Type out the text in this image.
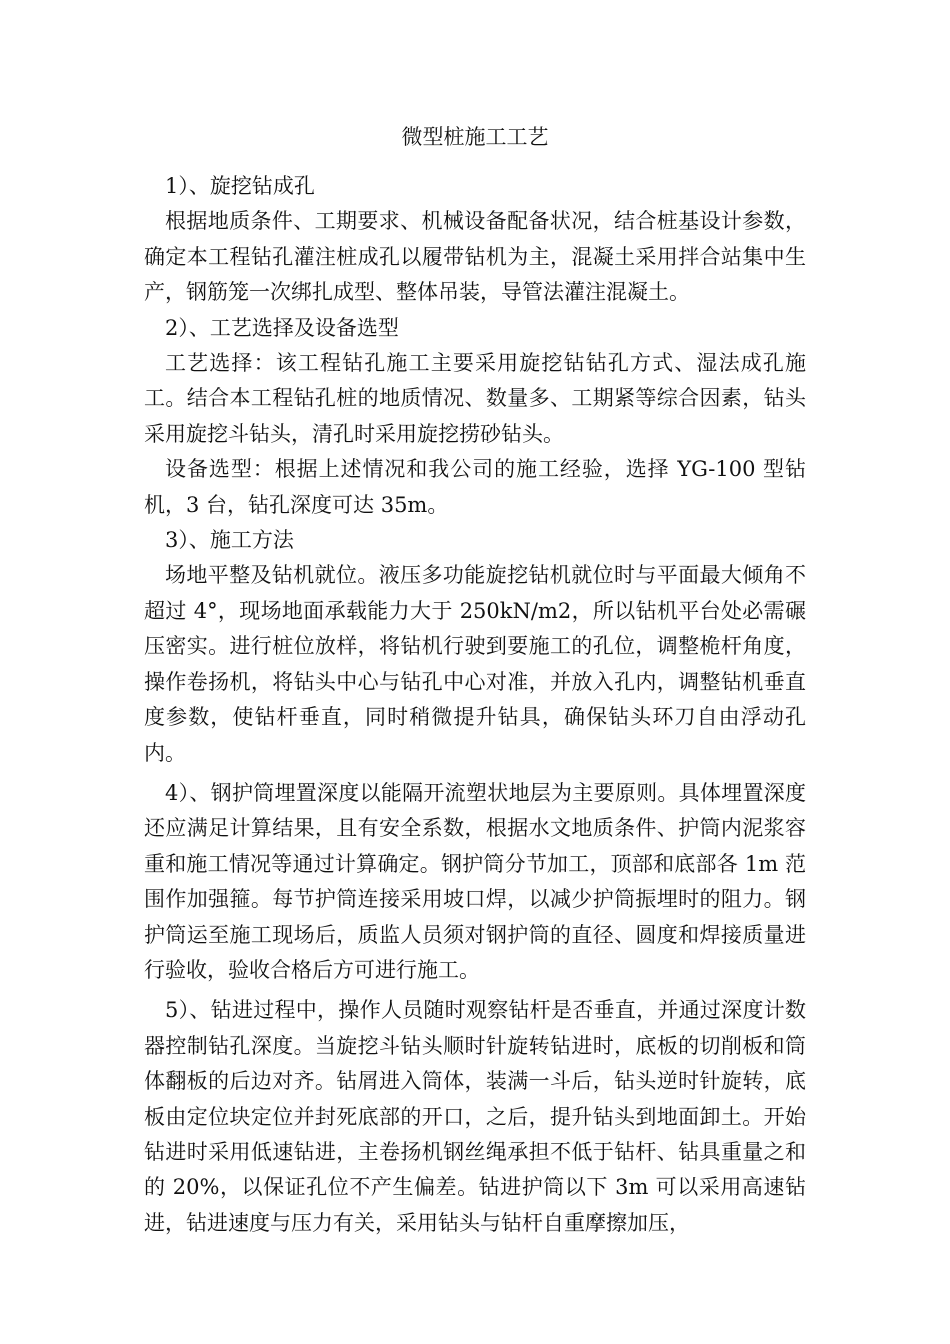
微型桩施工工艺

1）、旋挖钻成孔

根据地质条件、工期要求、机械设备配备状况，结合桩基设计参数，确定本工程钻孔灌注桩成孔以履带钻机为主，混凝土采用拌合站集中生产，钢筋笼一次绑扎成型、整体吊装，导管法灌注混凝土。

2）、工艺选择及设备选型

工艺选择：该工程钻孔施工主要采用旋挖钻钻孔方式、湿法成孔施工。结合本工程钻孔桩的地质情况、数量多、工期紧等综合因素，钻头采用旋挖斗钻头，清孔时采用旋挖捞砂钻头。

设备选型：根据上述情况和我公司的施工经验，选择 YG-100 型钻机，3 台，钻孔深度可达 35m。

3）、施工方法

场地平整及钻机就位。液压多功能旋挖钻机就位时与平面最大倾角不超过 4°，现场地面承载能力大于 250kN/m2，所以钻机平台处必需碾压密实。进行桩位放样，将钻机行驶到要施工的孔位，调整桅杆角度，操作卷扬机，将钻头中心与钻孔中心对准，并放入孔内，调整钻机垂直度参数，使钻杆垂直，同时稍微提升钻具，确保钻头环刀自由浮动孔内。

4）、钢护筒埋置深度以能隔开流塑状地层为主要原则。具体埋置深度还应满足计算结果，且有安全系数，根据水文地质条件、护筒内泥浆容重和施工情况等通过计算确定。钢护筒分节加工，顶部和底部各 1m 范围作加强箍。每节护筒连接采用坡口焊，以减少护筒振埋时的阻力。钢护筒运至施工现场后，质监人员须对钢护筒的直径、圆度和焊接质量进行验收，验收合格后方可进行施工。

5）、钻进过程中，操作人员随时观察钻杆是否垂直，并通过深度计数器控制钻孔深度。当旋挖斗钻头顺时针旋转钻进时，底板的切削板和筒体翻板的后边对齐。钻屑进入筒体，装满一斗后，钻头逆时针旋转，底板由定位块定位并封死底部的开口，之后，提升钻头到地面卸土。开始钻进时采用低速钻进，主卷扬机钢丝绳承担不低于钻杆、钻具重量之和的 20%，以保证孔位不产生偏差。钻进护筒以下 3m 可以采用高速钻进，钻进速度与压力有关，采用钻头与钻杆自重摩擦加压，
